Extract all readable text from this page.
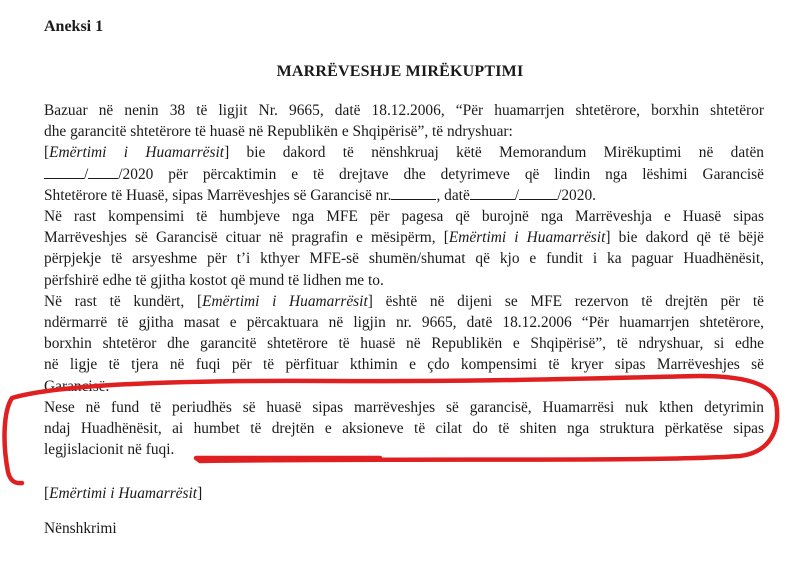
Aneksi 1
MARRËVESHJE MIRËKUPTIMI
Bazuar në nenin 38 të ligjit Nr. 9665, datë 18.12.2006, “Për huamarrjen shtetërore, borxhin shtetëror
dhe garancitë shtetërore të huasë në Republikën e Shqipërisë”, të ndryshuar:
[Emërtimi i Huamarrësit] bie dakord të nënshkruaj këtë Memorandum Mirëkuptimi në datën
/ /2020 për përcaktimin e të drejtave dhe detyrimeve që lindin nga lëshimi Garancisë
Shtetërore të Huasë, sipas Marrëveshjes së Garancisë nr.	, datë	/ /2020.
Në rast kompensimi të humbjeve nga MFE për pagesa që burojnë nga Marrëveshja e Huasë sipas
Marrëveshjes së Garancisë cituar në pragrafin e mësipërm, [Emërtimi i Huamarrësit] bie dakord që të bëjë
përpjekje të arsyeshme për t’i kthyer MFE-së shumën/shumat që kjo e fundit i ka paguar Huadhënësit,
përfshirë edhe të gjitha kostot që mund të lidhen me to.
Në rast të kundërt, [Emërtimi i Huamarrësit] është në dijeni se MFE rezervon të drejtën për të
ndërmarrë të gjitha masat e përcaktuara në ligjin nr. 9665, datë 18.12.2006 “Për huamarrjen shtetërore,
borxhin shtetëror dhe garancitë shtetërore të huasë në Republikën e Shqipërisë”, të ndryshuar, si edhe
në ligje të tjera në fuqi për të përfituar kthimin e çdo kompensimi të kryer sipas Marrëveshjes së
Garancisë.
Nese në fund të periudhës së huasë sipas marrëveshjes së garancisë, Huamarrësi nuk kthen detyrimin
ndaj Huadhënësit, ai humbet të drejtën e aksioneve të cilat do të shiten nga struktura përkatëse sipas
legjislacionit në fuqi.
[Emërtimi i Huamarrësit]
Nënshkrimi
